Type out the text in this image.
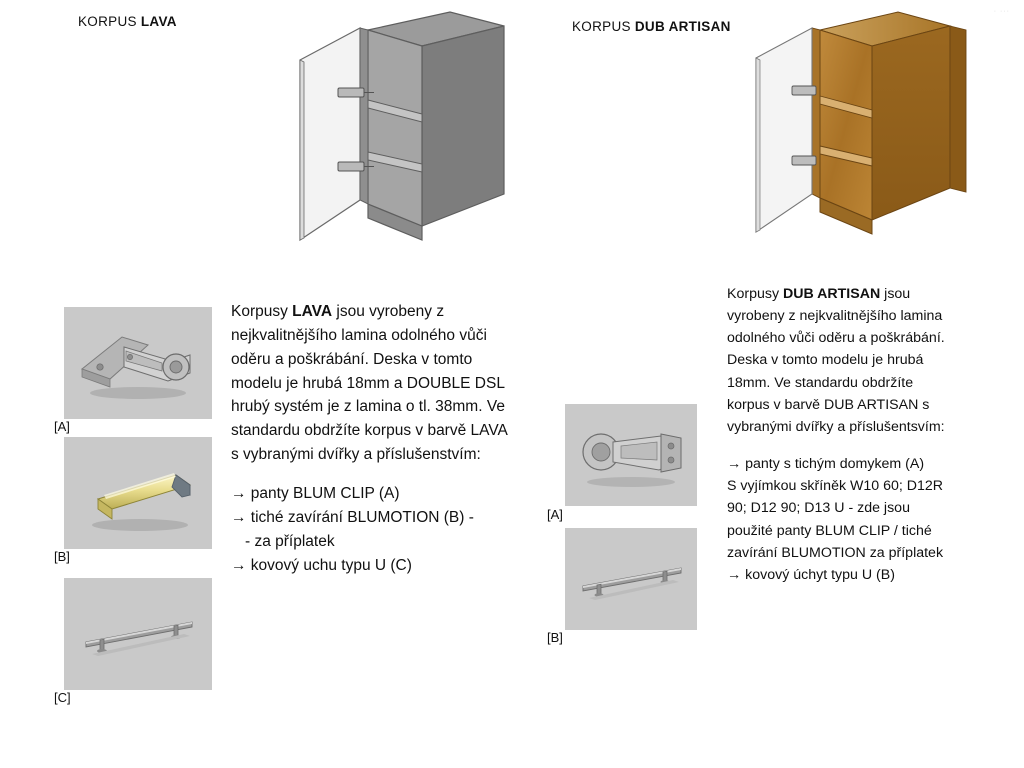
· ···
KORPUS LAVA	KORPUS DUB ARTISAN

Korpusy LAVA jsou vyrobeny z nejkvalitnějšího lamina odolného vůči oděru a poškrábání. Deska v tomto modelu je hrubá 18mm a DOUBLE DSL hrubý systém je z lamina o tl. 38mm. Ve standardu obdržíte korpus v barvě LAVA s vybranými dvířky a příslušenstvím:

→ panty BLUM CLIP (A)

→ tiché zavírání BLUMOTION (B) -

- za příplatek

→ kovový uchu typu U (C)

Korpusy DUB ARTISAN jsou vyrobeny z nejkvalitnějšího lamina odolného vůči oděru a poškrábání. Deska v tomto modelu je hrubá 18mm. Ve standardu obdržíte korpus v barvě DUB ARTISAN s vybranými dvířky a příslušentsvím:

→ panty s tichým domykem (A)

S vyjímkou skříněk W10 60; D12R 90; D12 90; D13 U - zde jsou použité panty BLUM CLIP / tiché zavírání BLUMOTION za příplatek

→ kovový úchyt typu U (B)

[A]
[B]
[C]
[A]
[B]
